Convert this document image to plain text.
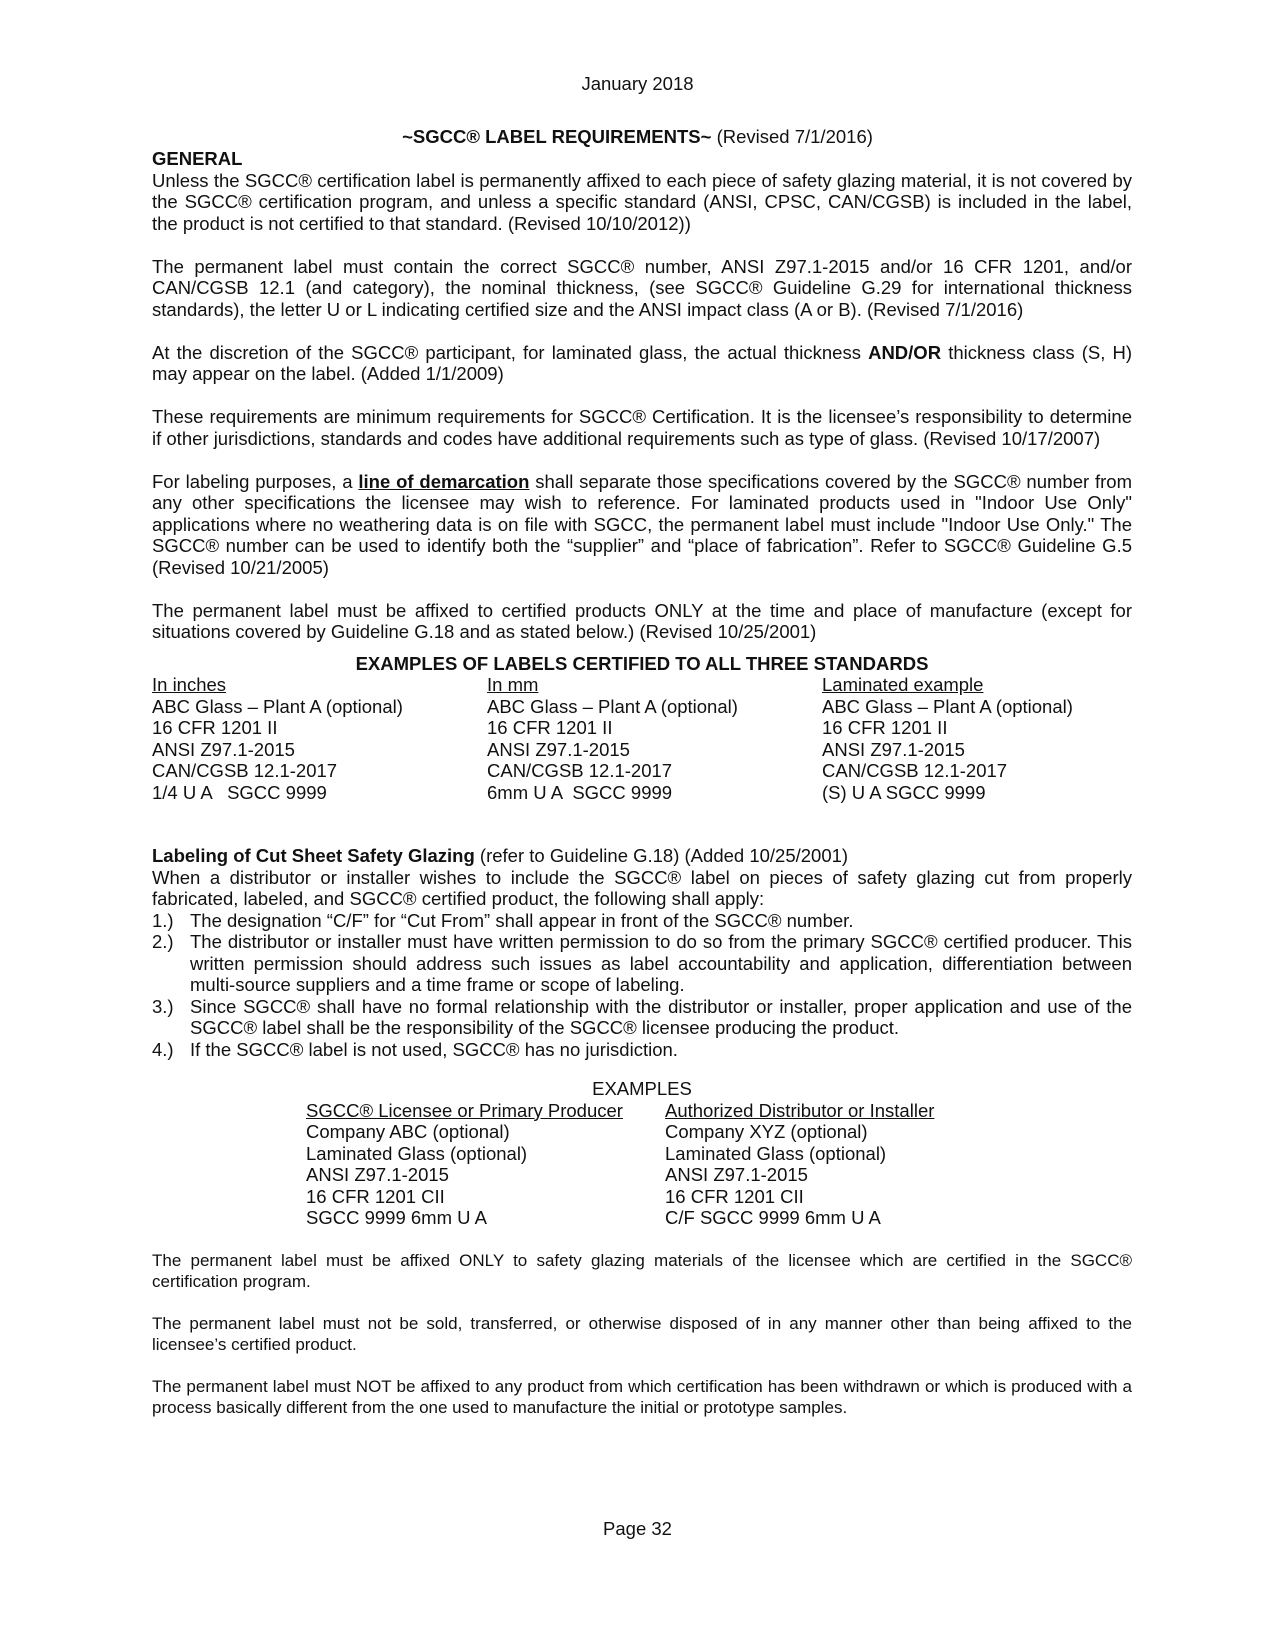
January 2018
~SGCC® LABEL REQUIREMENTS~ (Revised 7/1/2016)
GENERAL

Unless the SGCC® certification label is permanently affixed to each piece of safety glazing material, it is not covered by the SGCC® certification program, and unless a specific standard (ANSI, CPSC, CAN/CGSB) is included in the label, the product is not certified to that standard. (Revised 10/10/2012))

The permanent label must contain the correct SGCC® number, ANSI Z97.1-2015 and/or 16 CFR 1201, and/or CAN/CGSB 12.1 (and category), the nominal thickness, (see SGCC® Guideline G.29 for international thickness standards), the letter U or L indicating certified size and the ANSI impact class (A or B). (Revised 7/1/2016)

At the discretion of the SGCC® participant, for laminated glass, the actual thickness AND/OR thickness class (S, H) may appear on the label. (Added 1/1/2009)

These requirements are minimum requirements for SGCC® Certification. It is the licensee’s responsibility to determine if other jurisdictions, standards and codes have additional requirements such as type of glass. (Revised 10/17/2007)

For labeling purposes, a line of demarcation shall separate those specifications covered by the SGCC® number from any other specifications the licensee may wish to reference. For laminated products used in "Indoor Use Only" applications where no weathering data is on file with SGCC, the permanent label must include "Indoor Use Only." The SGCC® number can be used to identify both the “supplier” and “place of fabrication”. Refer to SGCC® Guideline G.5 (Revised 10/21/2005)

The permanent label must be affixed to certified products ONLY at the time and place of manufacture (except for situations covered by Guideline G.18 and as stated below.) (Revised 10/25/2001)

EXAMPLES OF LABELS CERTIFIED TO ALL THREE STANDARDS
In inches
ABC Glass – Plant A (optional)
16 CFR 1201 II
ANSI Z97.1-2015
CAN/CGSB 12.1-2017
1/4 U A   SGCC 9999
In mm
ABC Glass – Plant A (optional)
16 CFR 1201 II
ANSI Z97.1-2015
CAN/CGSB 12.1-2017
6mm U A  SGCC 9999
Laminated example
ABC Glass – Plant A (optional)
16 CFR 1201 II
ANSI Z97.1-2015
CAN/CGSB 12.1-2017
(S) U A SGCC 9999
Labeling of Cut Sheet Safety Glazing (refer to Guideline G.18) (Added 10/25/2001)
When a distributor or installer wishes to include the SGCC® label on pieces of safety glazing cut from properly fabricated, labeled, and SGCC® certified product, the following shall apply:
1.) The designation “C/F” for “Cut From” shall appear in front of the SGCC® number.
2.) The distributor or installer must have written permission to do so from the primary SGCC® certified producer. This written permission should address such issues as label accountability and application, differentiation between multi-source suppliers and a time frame or scope of labeling.
3.) Since SGCC® shall have no formal relationship with the distributor or installer, proper application and use of the SGCC® label shall be the responsibility of the SGCC® licensee producing the product.
4.) If the SGCC® label is not used, SGCC® has no jurisdiction.
EXAMPLES
SGCC® Licensee or Primary Producer
Company ABC (optional)
Laminated Glass (optional)
ANSI Z97.1-2015
16 CFR 1201 CII
SGCC 9999 6mm U A
Authorized Distributor or Installer
Company XYZ (optional)
Laminated Glass (optional)
ANSI Z97.1-2015
16 CFR 1201 CII
C/F SGCC 9999 6mm U A

The permanent label must be affixed ONLY to safety glazing materials of the licensee which are certified in the SGCC® certification program.

The permanent label must not be sold, transferred, or otherwise disposed of in any manner other than being affixed to the licensee’s certified product.

The permanent label must NOT be affixed to any product from which certification has been withdrawn or which is produced with a process basically different from the one used to manufacture the initial or prototype samples.

Page 32
